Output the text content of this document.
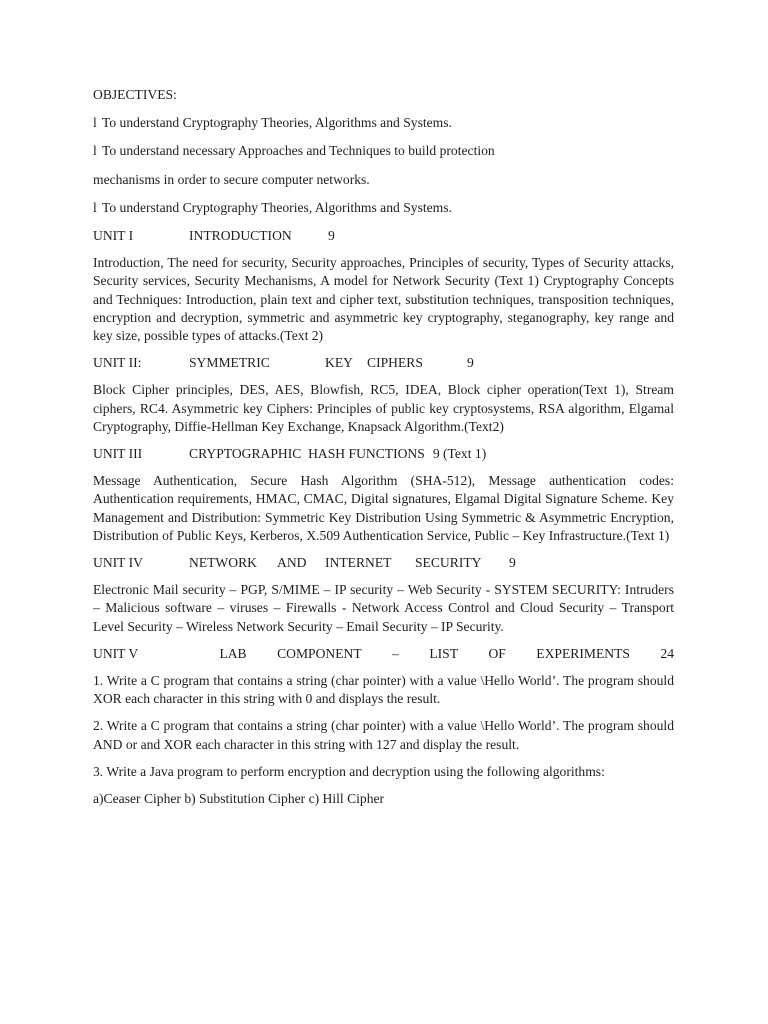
OBJECTIVES:
l To understand Cryptography Theories, Algorithms and Systems.
l To understand necessary Approaches and Techniques to build protection
mechanisms in order to secure computer networks.
l To understand Cryptography Theories, Algorithms and Systems.
UNIT I	INTRODUCTION	9
Introduction, The need for security, Security approaches, Principles of security, Types of Security attacks, Security services, Security Mechanisms, A model for Network Security (Text 1) Cryptography Concepts and Techniques: Introduction, plain text and cipher text, substitution techniques, transposition techniques, encryption and decryption, symmetric and asymmetric key cryptography, steganography, key range and key size, possible types of attacks.(Text 2)
UNIT II:	SYMMETRIC	KEY	CIPHERS	9
Block Cipher principles, DES, AES, Blowfish, RC5, IDEA, Block cipher operation(Text 1), Stream ciphers, RC4. Asymmetric key Ciphers: Principles of public key cryptosystems, RSA algorithm, Elgamal Cryptography, Diffie-Hellman Key Exchange, Knapsack Algorithm.(Text2)
UNIT III	CRYPTOGRAPHIC  HASH FUNCTIONS 9 (Text 1)
Message Authentication, Secure Hash Algorithm (SHA-512), Message authentication codes: Authentication requirements, HMAC, CMAC, Digital signatures, Elgamal Digital Signature Scheme. Key Management and Distribution: Symmetric Key Distribution Using Symmetric & Asymmetric Encryption, Distribution of Public Keys, Kerberos, X.509 Authentication Service, Public – Key Infrastructure.(Text 1)
UNIT IV	NETWORK	AND	INTERNET	SECURITY	9
Electronic Mail security – PGP, S/MIME – IP security – Web Security - SYSTEM SECURITY: Intruders – Malicious software – viruses – Firewalls - Network Access Control and Cloud Security – Transport Level Security – Wireless Network Security – Email Security – IP Security.
UNIT V	LAB COMPONENT – LIST OF EXPERIMENTS 24
1. Write a C program that contains a string (char pointer) with a value \Hello World’. The program should XOR each character in this string with 0 and displays the result.
2. Write a C program that contains a string (char pointer) with a value \Hello World’. The program should AND or and XOR each character in this string with 127 and display the result.
3. Write a Java program to perform encryption and decryption using the following algorithms:
a)Ceaser Cipher b) Substitution Cipher c) Hill Cipher
